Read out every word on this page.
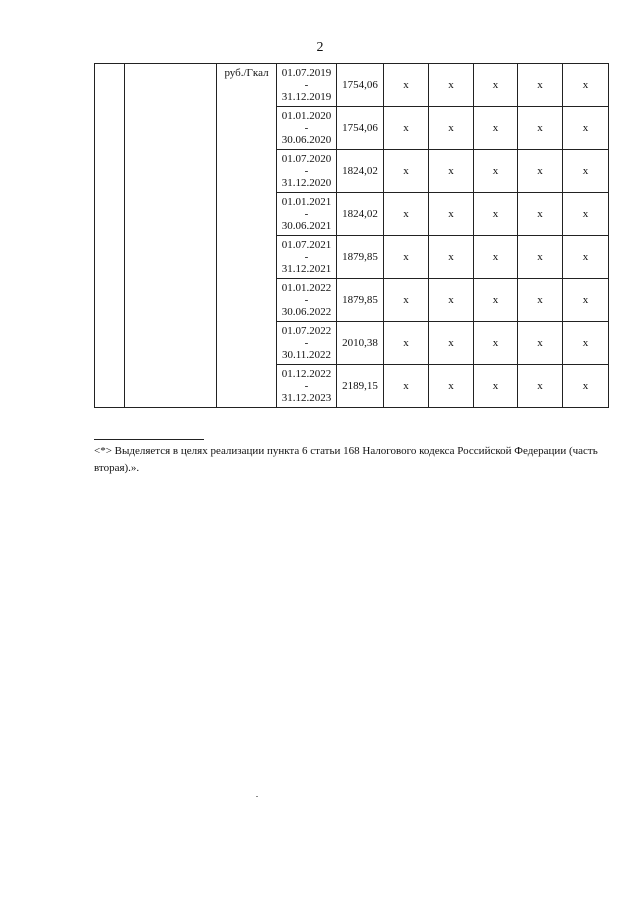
2
		руб./Гкал	01.07.2019
-
31.12.2019	1754,06	x	x	x	x	x

			01.01.2020
-
30.06.2020	1754,06	x	x	x	x	x

			01.07.2020
-
31.12.2020	1824,02	x	x	x	x	x

			01.01.2021
-
30.06.2021	1824,02	x	x	x	x	x

			01.07.2021
-
31.12.2021	1879,85	x	x	x	x	x

			01.01.2022
-
30.06.2022	1879,85	x	x	x	x	x

			01.07.2022
-
30.11.2022	2010,38	x	x	x	x	x

			01.12.2022
-
31.12.2023	2189,15	x	x	x	x	x
<*> Выделяется в целях реализации пункта 6 статьи 168 Налогового кодекса Российской Федерации (часть вторая).».
